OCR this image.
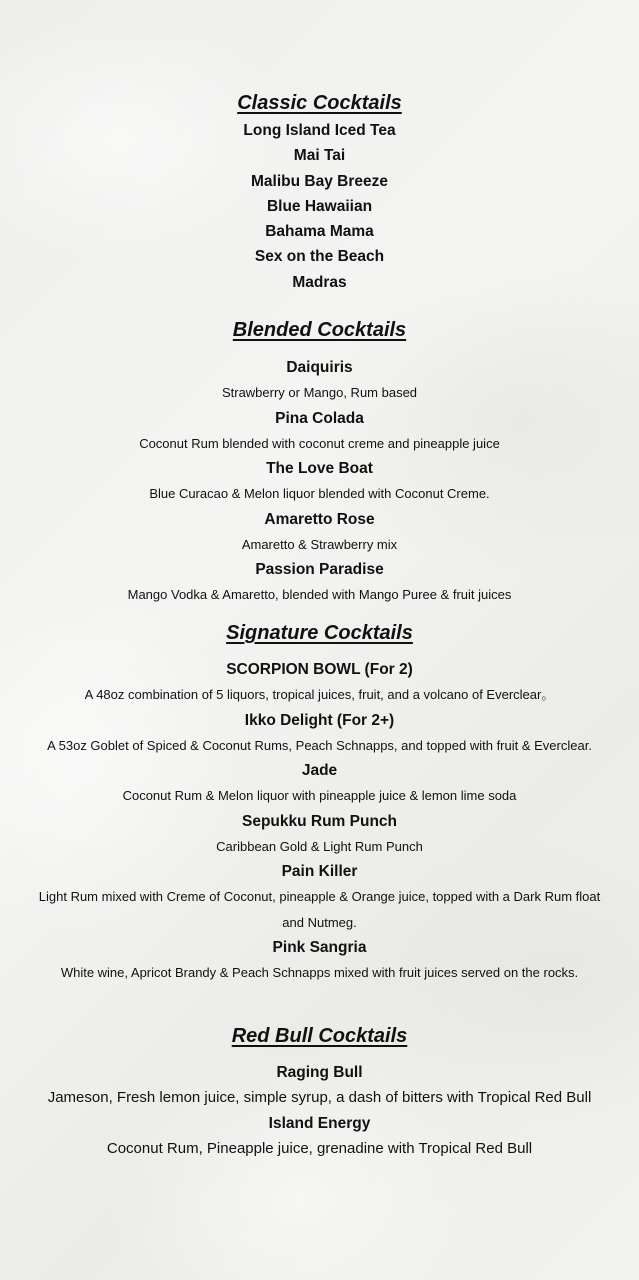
Classic Cocktails

Long Island Iced Tea

Mai Tai

Malibu Bay Breeze

Blue Hawaiian

Bahama Mama

Sex on the Beach

Madras

Blended Cocktails

Daiquiris

Strawberry or Mango, Rum based

Pina Colada

Coconut Rum blended with coconut creme and pineapple juice

The Love Boat

Blue Curacao & Melon liquor blended with Coconut Creme.

Amaretto Rose

Amaretto & Strawberry mix

Passion Paradise

Mango Vodka & Amaretto, blended with Mango Puree & fruit juices

Signature Cocktails

SCORPION BOWL (For 2)

A 48oz combination of 5 liquors, tropical juices, fruit, and a volcano of Everclear。

Ikko Delight (For 2+)

A 53oz Goblet of Spiced & Coconut Rums, Peach Schnapps, and topped with fruit & Everclear.

Jade

Coconut Rum & Melon liquor with pineapple juice & lemon lime soda

Sepukku Rum Punch

Caribbean Gold & Light Rum Punch

Pain Killer

Light Rum mixed with Creme of Coconut, pineapple & Orange juice, topped with a Dark Rum float and Nutmeg.

Pink Sangria

White wine, Apricot Brandy & Peach Schnapps mixed with fruit juices served on the rocks.

Red Bull Cocktails

Raging Bull

Jameson, Fresh lemon juice, simple syrup, a dash of bitters with Tropical Red Bull

Island Energy

Coconut Rum, Pineapple juice, grenadine with Tropical Red Bull
